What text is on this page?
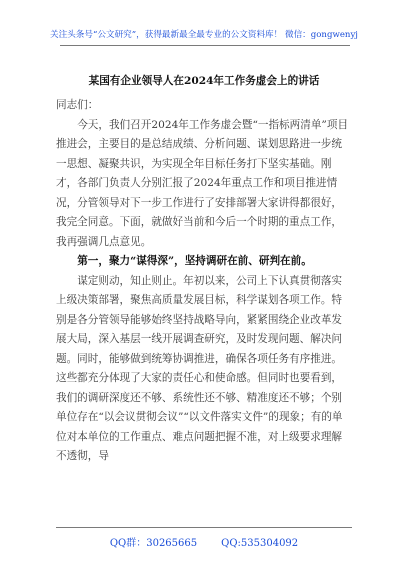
关注头条号“公文研究”，获得最新最全最专业的公文资料库！ 微信：gongwenyj
某国有企业领导人在2024年工作务虚会上的讲话

同志们：

今天，我们召开2024年工作务虚会暨“一指标两清单”项目推进会，主要目的是总结成绩、分析问题、谋划思路进一步统一思想、凝聚共识，为实现全年目标任务打下坚实基础。刚才，各部门负责人分别汇报了2024年重点工作和项目推进情况，分管领导对下一步工作进行了安排部署大家讲得都很好，我完全同意。下面，就做好当前和今后一个时期的重点工作，我再强调几点意见。

第一，聚力“谋得深”，坚持调研在前、研判在前。

谋定则动，知止则止。年初以来，公司上下认真贯彻落实上级决策部署，聚焦高质量发展目标，科学谋划各项工作。特别是各分管领导能够始终坚持战略导向，紧紧围绕企业改革发展大局，深入基层一线开展调查研究，及时发现问题、解决问题。同时，能够做到统筹协调推进，确保各项任务有序推进。这些都充分体现了大家的责任心和使命感。但同时也要看到，我们的调研深度还不够、系统性还不够、精准度还不够；个别单位存在“以会议贯彻会议”“以文件落实文件”的现象；有的单位对本单位的工作重点、难点问题把握不准，对上级要求理解不透彻，导

QQ群：30265665 QQ:535304092
